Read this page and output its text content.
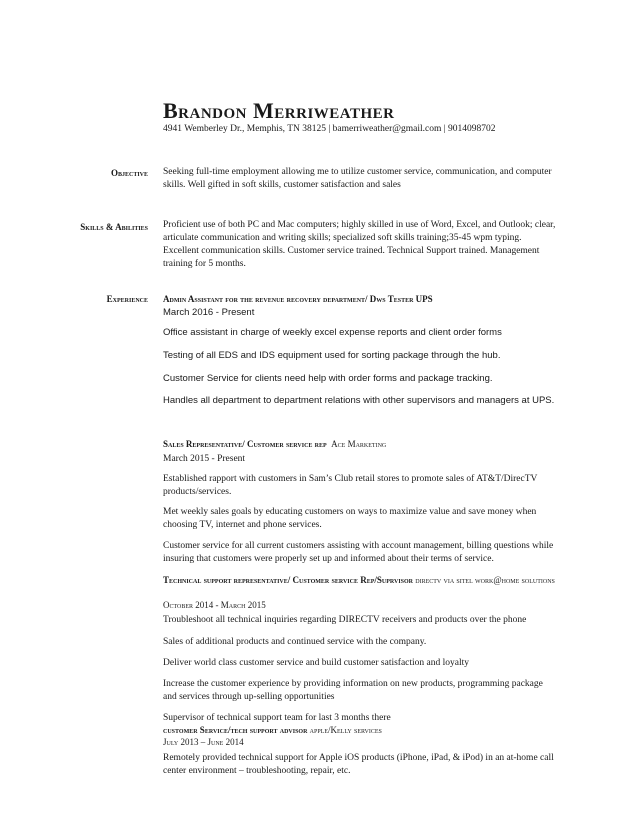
Brandon Merriweather
4941 Wemberley Dr., Memphis, TN 38125 | bamerriweather@gmail.com | 9014098702
Objective Seeking full-time employment allowing me to utilize customer service, communication, and computer skills. Well gifted in soft skills, customer satisfaction and sales
Skills & Abilities Proficient use of both PC and Mac computers; highly skilled in use of Word, Excel, and Outlook; clear, articulate communication and writing skills; specialized soft skills training;35-45 wpm typing. Excellent communication skills. Customer service trained. Technical Support trained. Management training for 5 months.
Experience Admin Assistant for the revenue recovery department/ Dws Tester UPS
March 2016 - Present
Office assistant in charge of weekly excel expense reports and client order forms
Testing of all EDS and IDS equipment used for sorting package through the hub.
Customer Service for clients need help with order forms and package tracking.
Handles all department to department relations with other supervisors and managers at UPS.
Sales Representative/ Customer service rep Ace Marketing
March 2015 - Present
Established rapport with customers in Sam’s Club retail stores to promote sales of AT&T/DirecTV products/services.
Met weekly sales goals by educating customers on ways to maximize value and save money when choosing TV, internet and phone services.
Customer service for all current customers assisting with account management, billing questions while insuring that customers were properly set up and informed about their terms of service.
Technical support representative/ Customer service Rep/Suprvisor directv via sitel work@home solutions
October 2014 - March 2015
Troubleshoot all technical inquiries regarding DIRECTV receivers and products over the phone
Sales of additional products and continued service with the company.
Deliver world class customer service and build customer satisfaction and loyalty
Increase the customer experience by providing information on new products, programming package and services through up-selling opportunities
Supervisor of technical support team for last 3 months there
customer Service/tech support advisor apple/Kelly services
July 2013 – June 2014
Remotely provided technical support for Apple iOS products (iPhone, iPad, & iPod) in an at-home call center environment – troubleshooting, repair, etc.
